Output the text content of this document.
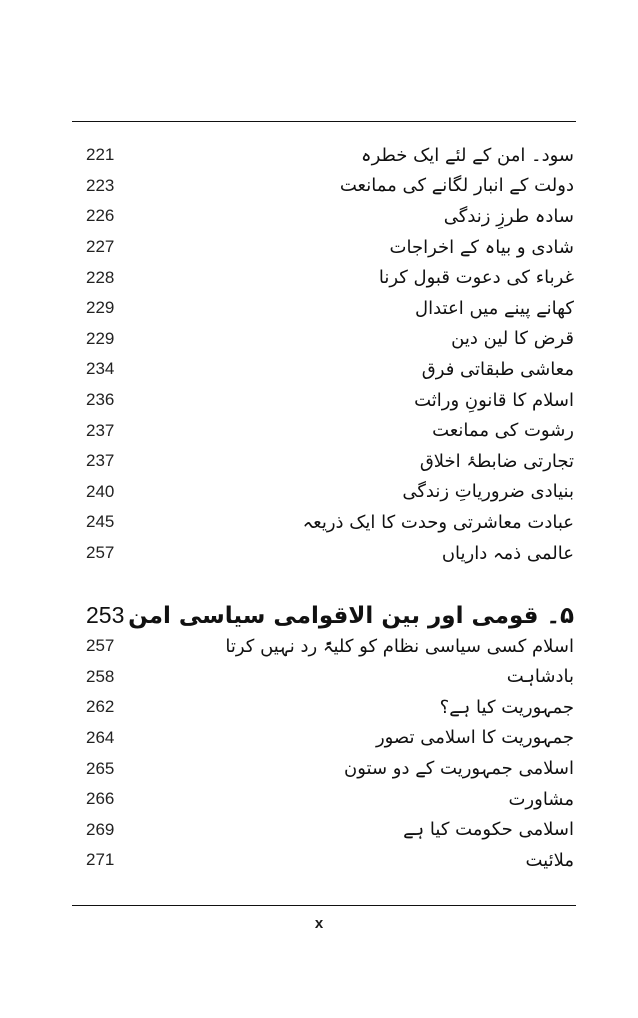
221	سود۔ امن کے لئے ایک خطرہ
223	دولت کے انبار لگانے کی ممانعت
226	سادہ طرزِ زندگی
227	شادی و بیاہ کے اخراجات
228	غرباء کی دعوت قبول کرنا
229	کھانے پینے میں اعتدال
229	قرض کا لین دین
234	معاشی طبقاتی فرق
236	اسلام کا قانونِ وراثت
237	رشوت کی ممانعت
237	تجارتی ضابطۂ اخلاق
240	بنیادی ضروریاتِ زندگی
245	عبادت معاشرتی وحدت کا ایک ذریعہ
257	عالمی ذمہ داریاں
253 ۵۔ قومی اور بین الاقوامی سیاسی امن
257	اسلام کسی سیاسی نظام کو کلیۃً رد نہیں کرتا
258	بادشاہت
262	جمہوریت کیا ہے؟
264	جمہوریت کا اسلامی تصور
265	اسلامی جمہوریت کے دو ستون
266	مشاورت
269	اسلامی حکومت کیا ہے
271	ملائیت
x
